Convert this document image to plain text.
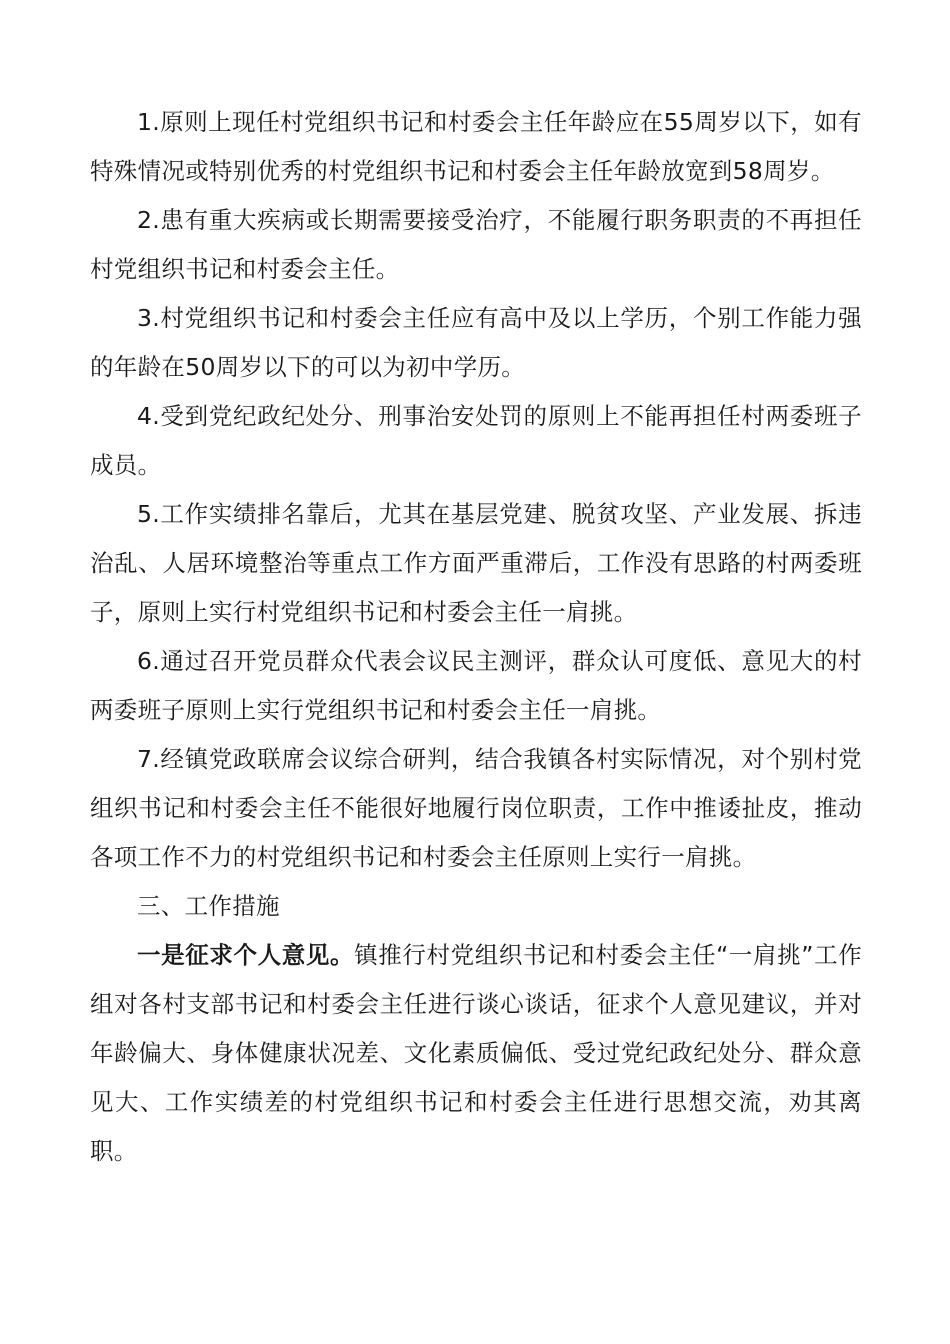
1.原则上现任村党组织书记和村委会主任年龄应在55周岁以下，如有特殊情况或特别优秀的村党组织书记和村委会主任年龄放宽到58周岁。

2.患有重大疾病或长期需要接受治疗，不能履行职务职责的不再担任村党组织书记和村委会主任。

3.村党组织书记和村委会主任应有高中及以上学历，个别工作能力强的年龄在50周岁以下的可以为初中学历。

4.受到党纪政纪处分、刑事治安处罚的原则上不能再担任村两委班子成员。

5.工作实绩排名靠后，尤其在基层党建、脱贫攻坚、产业发展、拆违治乱、人居环境整治等重点工作方面严重滞后，工作没有思路的村两委班子，原则上实行村党组织书记和村委会主任一肩挑。

6.通过召开党员群众代表会议民主测评，群众认可度低、意见大的村两委班子原则上实行党组织书记和村委会主任一肩挑。

7.经镇党政联席会议综合研判，结合我镇各村实际情况，对个别村党组织书记和村委会主任不能很好地履行岗位职责，工作中推诿扯皮，推动各项工作不力的村党组织书记和村委会主任原则上实行一肩挑。

三、工作措施

一是征求个人意见。镇推行村党组织书记和村委会主任“一肩挑”工作组对各村支部书记和村委会主任进行谈心谈话，征求个人意见建议，并对年龄偏大、身体健康状况差、文化素质偏低、受过党纪政纪处分、群众意见大、工作实绩差的村党组织书记和村委会主任进行思想交流，劝其离职。
